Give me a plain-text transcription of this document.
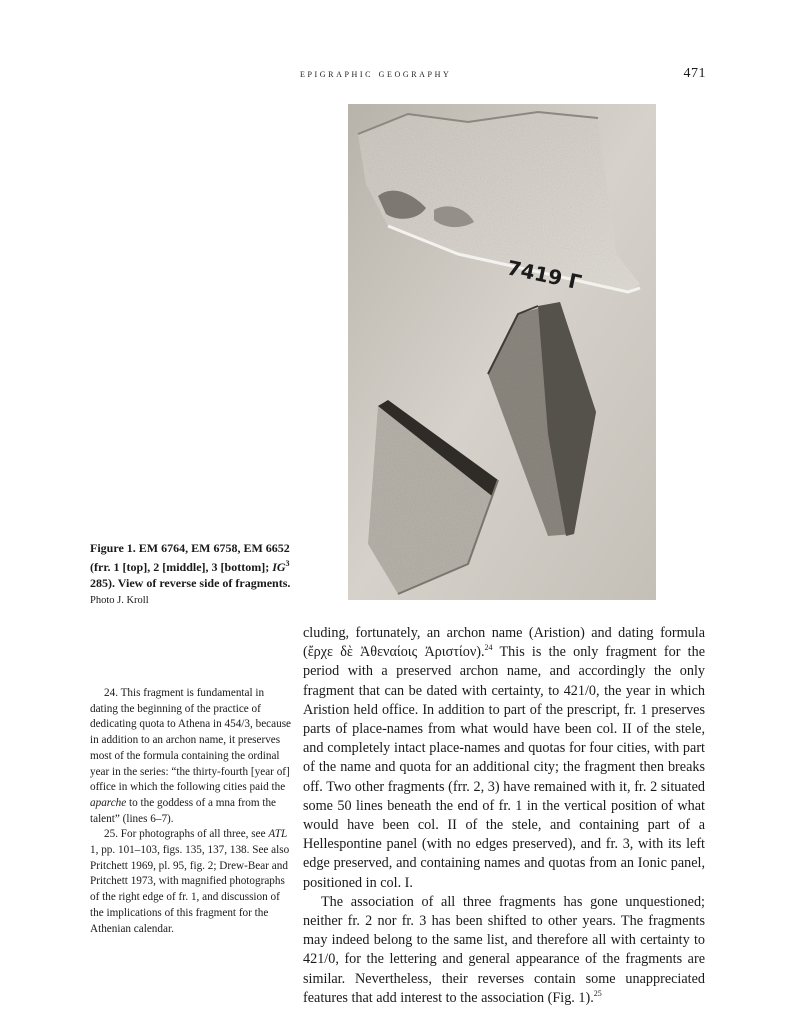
epigraphic geography	471
7419 Γ
Figure 1. EM 6764, EM 6758, EM 6652 (frr. 1 [top], 2 [middle], 3 [bottom]; $IG^3$ 285). View of reverse side of fragments. Photo J. Kroll

cluding, fortunately, an archon name (Aristion) and dating formula (ἔρχε δὲ Ἀθεναίοις Ἀριστίον).$^{24}$ This is the only fragment for the period with a preserved archon name, and accordingly the only fragment that can be dated with certainty, to 421/0, the year in which Aristion held office. In addition to part of the prescript, fr. 1 preserves parts of place-names from what would have been col. II of the stele, and completely intact place-names and quotas for four cities, with part of the name and quota for an additional city; the fragment then breaks off. Two other fragments (frr. 2, 3) have remained with it, fr. 2 situated some 50 lines beneath the end of fr. 1 in the vertical position of what would have been col. II of the stele, and containing part of a Hellespontine panel (with no edges preserved), and fr. 3, with its left edge preserved, and containing names and quotas from an Ionic panel, positioned in col. I.

The association of all three fragments has gone unquestioned; neither fr. 2 nor fr. 3 has been shifted to other years. The fragments may indeed belong to the same list, and therefore all with certainty to 421/0, for the lettering and general appearance of the fragments are similar. Nevertheless, their reverses contain some unappreciated features that add interest to the association (Fig. 1).$^{25}$

24. This fragment is fundamental in dating the beginning of the practice of dedicating quota to Athena in 454/3, because in addition to an archon name, it preserves most of the formula containing the ordinal year in the series: “the thirty-fourth [year of] office in which the following cities paid the aparche to the goddess of a mna from the talent” (lines 6–7).

25. For photographs of all three, see ATL 1, pp. 101–103, figs. 135, 137, 138. See also Pritchett 1969, pl. 95, fig. 2; Drew-Bear and Pritchett 1973, with magnified photographs of the right edge of fr. 1, and discussion of the implications of this fragment for the Athenian calendar.
